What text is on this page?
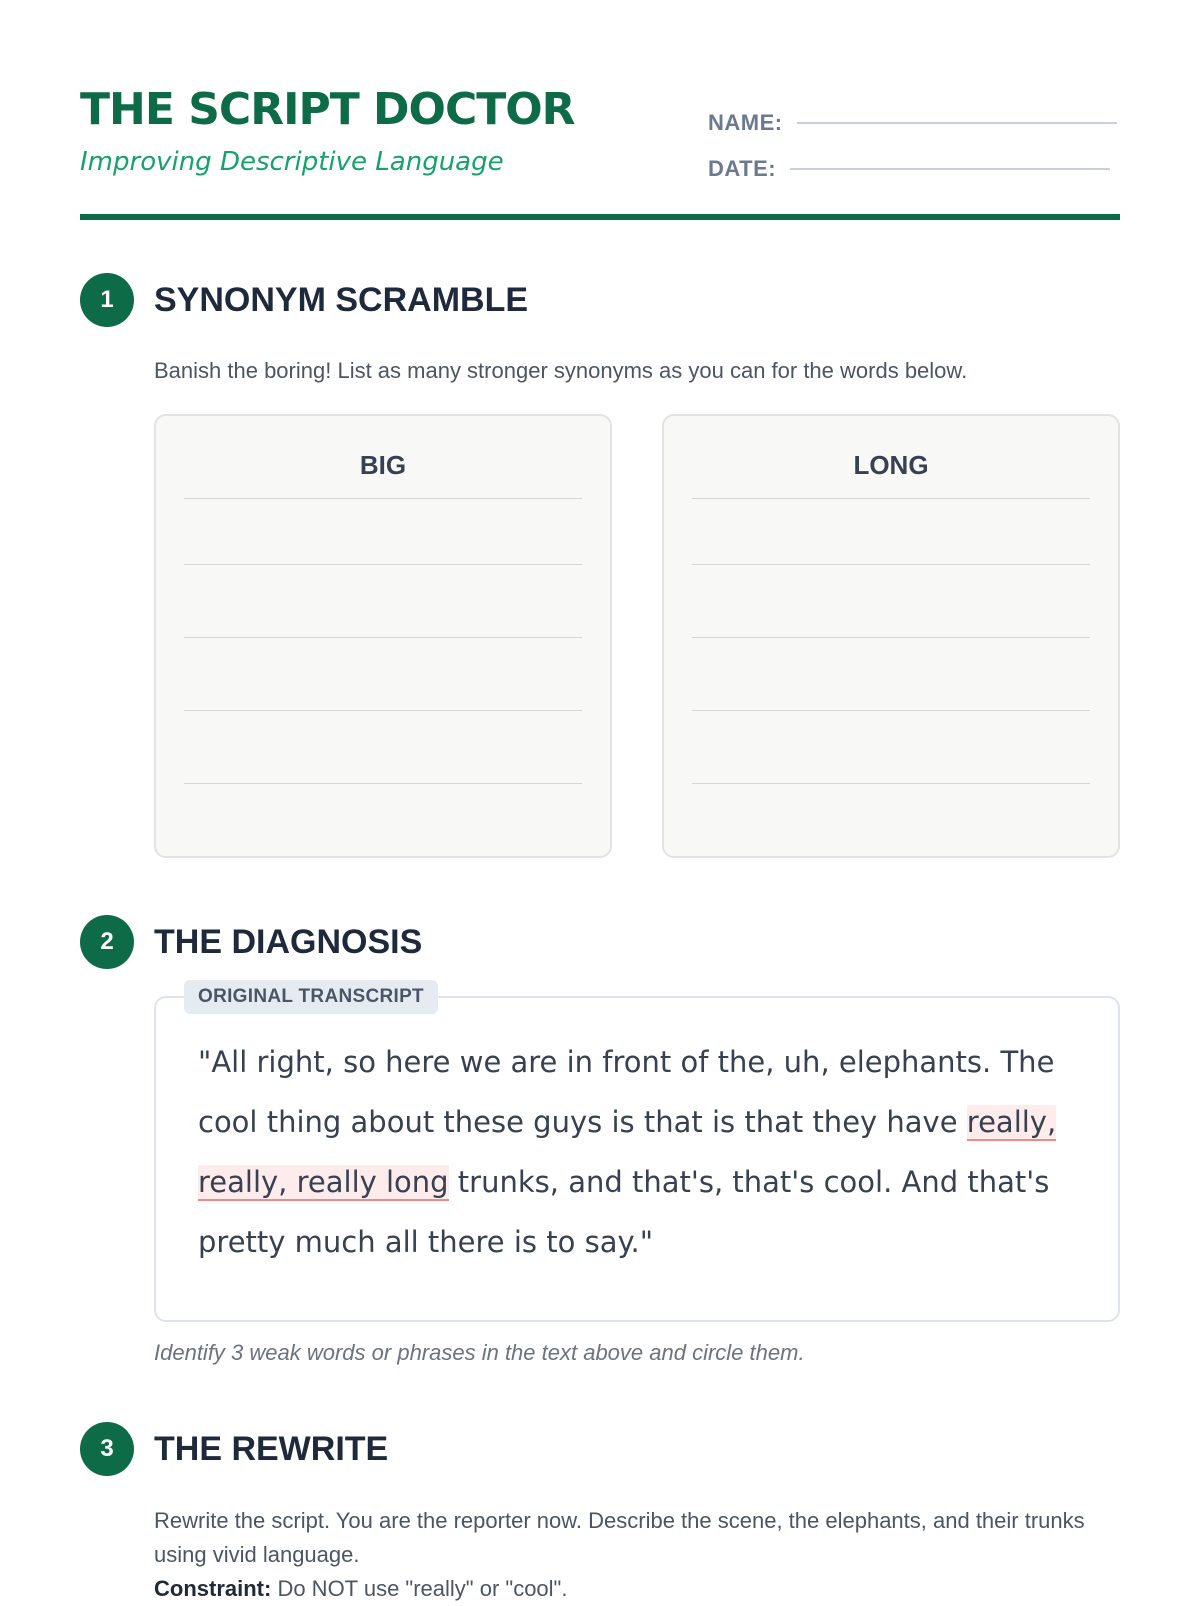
THE SCRIPT DOCTOR
Improving Descriptive Language
NAME:
DATE:
1	SYNONYM SCRAMBLE
Banish the boring! List as many stronger synonyms as you can for the words below.
BIG	LONG
2	THE DIAGNOSIS
ORIGINAL TRANSCRIPT

"All right, so here we are in front of the, uh, elephants. The cool thing about these guys is that is that they have really, really, really long trunks, and that's, that's cool. And that's pretty much all there is to say."

Identify 3 weak words or phrases in the text above and circle them.
3	THE REWRITE
Rewrite the script. You are the reporter now. Describe the scene, the elephants, and their trunks using vivid language.
Constraint: Do NOT use "really" or "cool".
